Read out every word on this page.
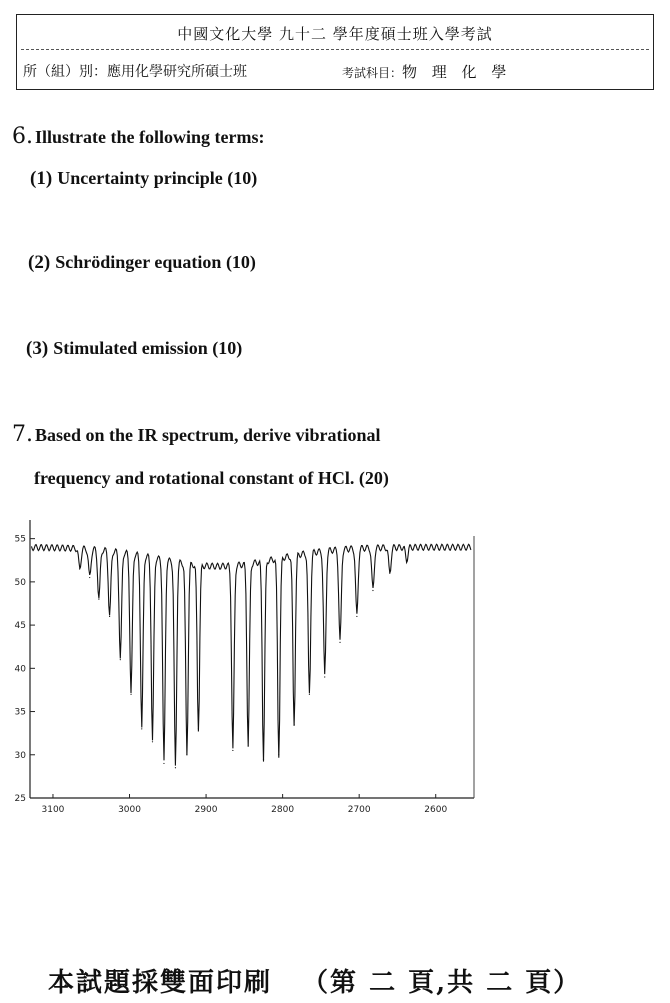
中國文化大學 九十二 學年度碩士班入學考試
所（組）別：應用化學研究所碩士班	考試科目：物 理 化 學
6. Illustrate the following terms:
(1) Uncertainty principle (10)
(2) Schrödinger equation (10)
(3) Stimulated emission (10)
7. Based on the IR spectrum, derive vibrational
frequency and rotational constant of HCl. (20)
25
30
35
40
45
50
55
3100	3000	2900	2800	2700	2600
本試題採雙面印刷 （第 二 頁,共 二 頁）
